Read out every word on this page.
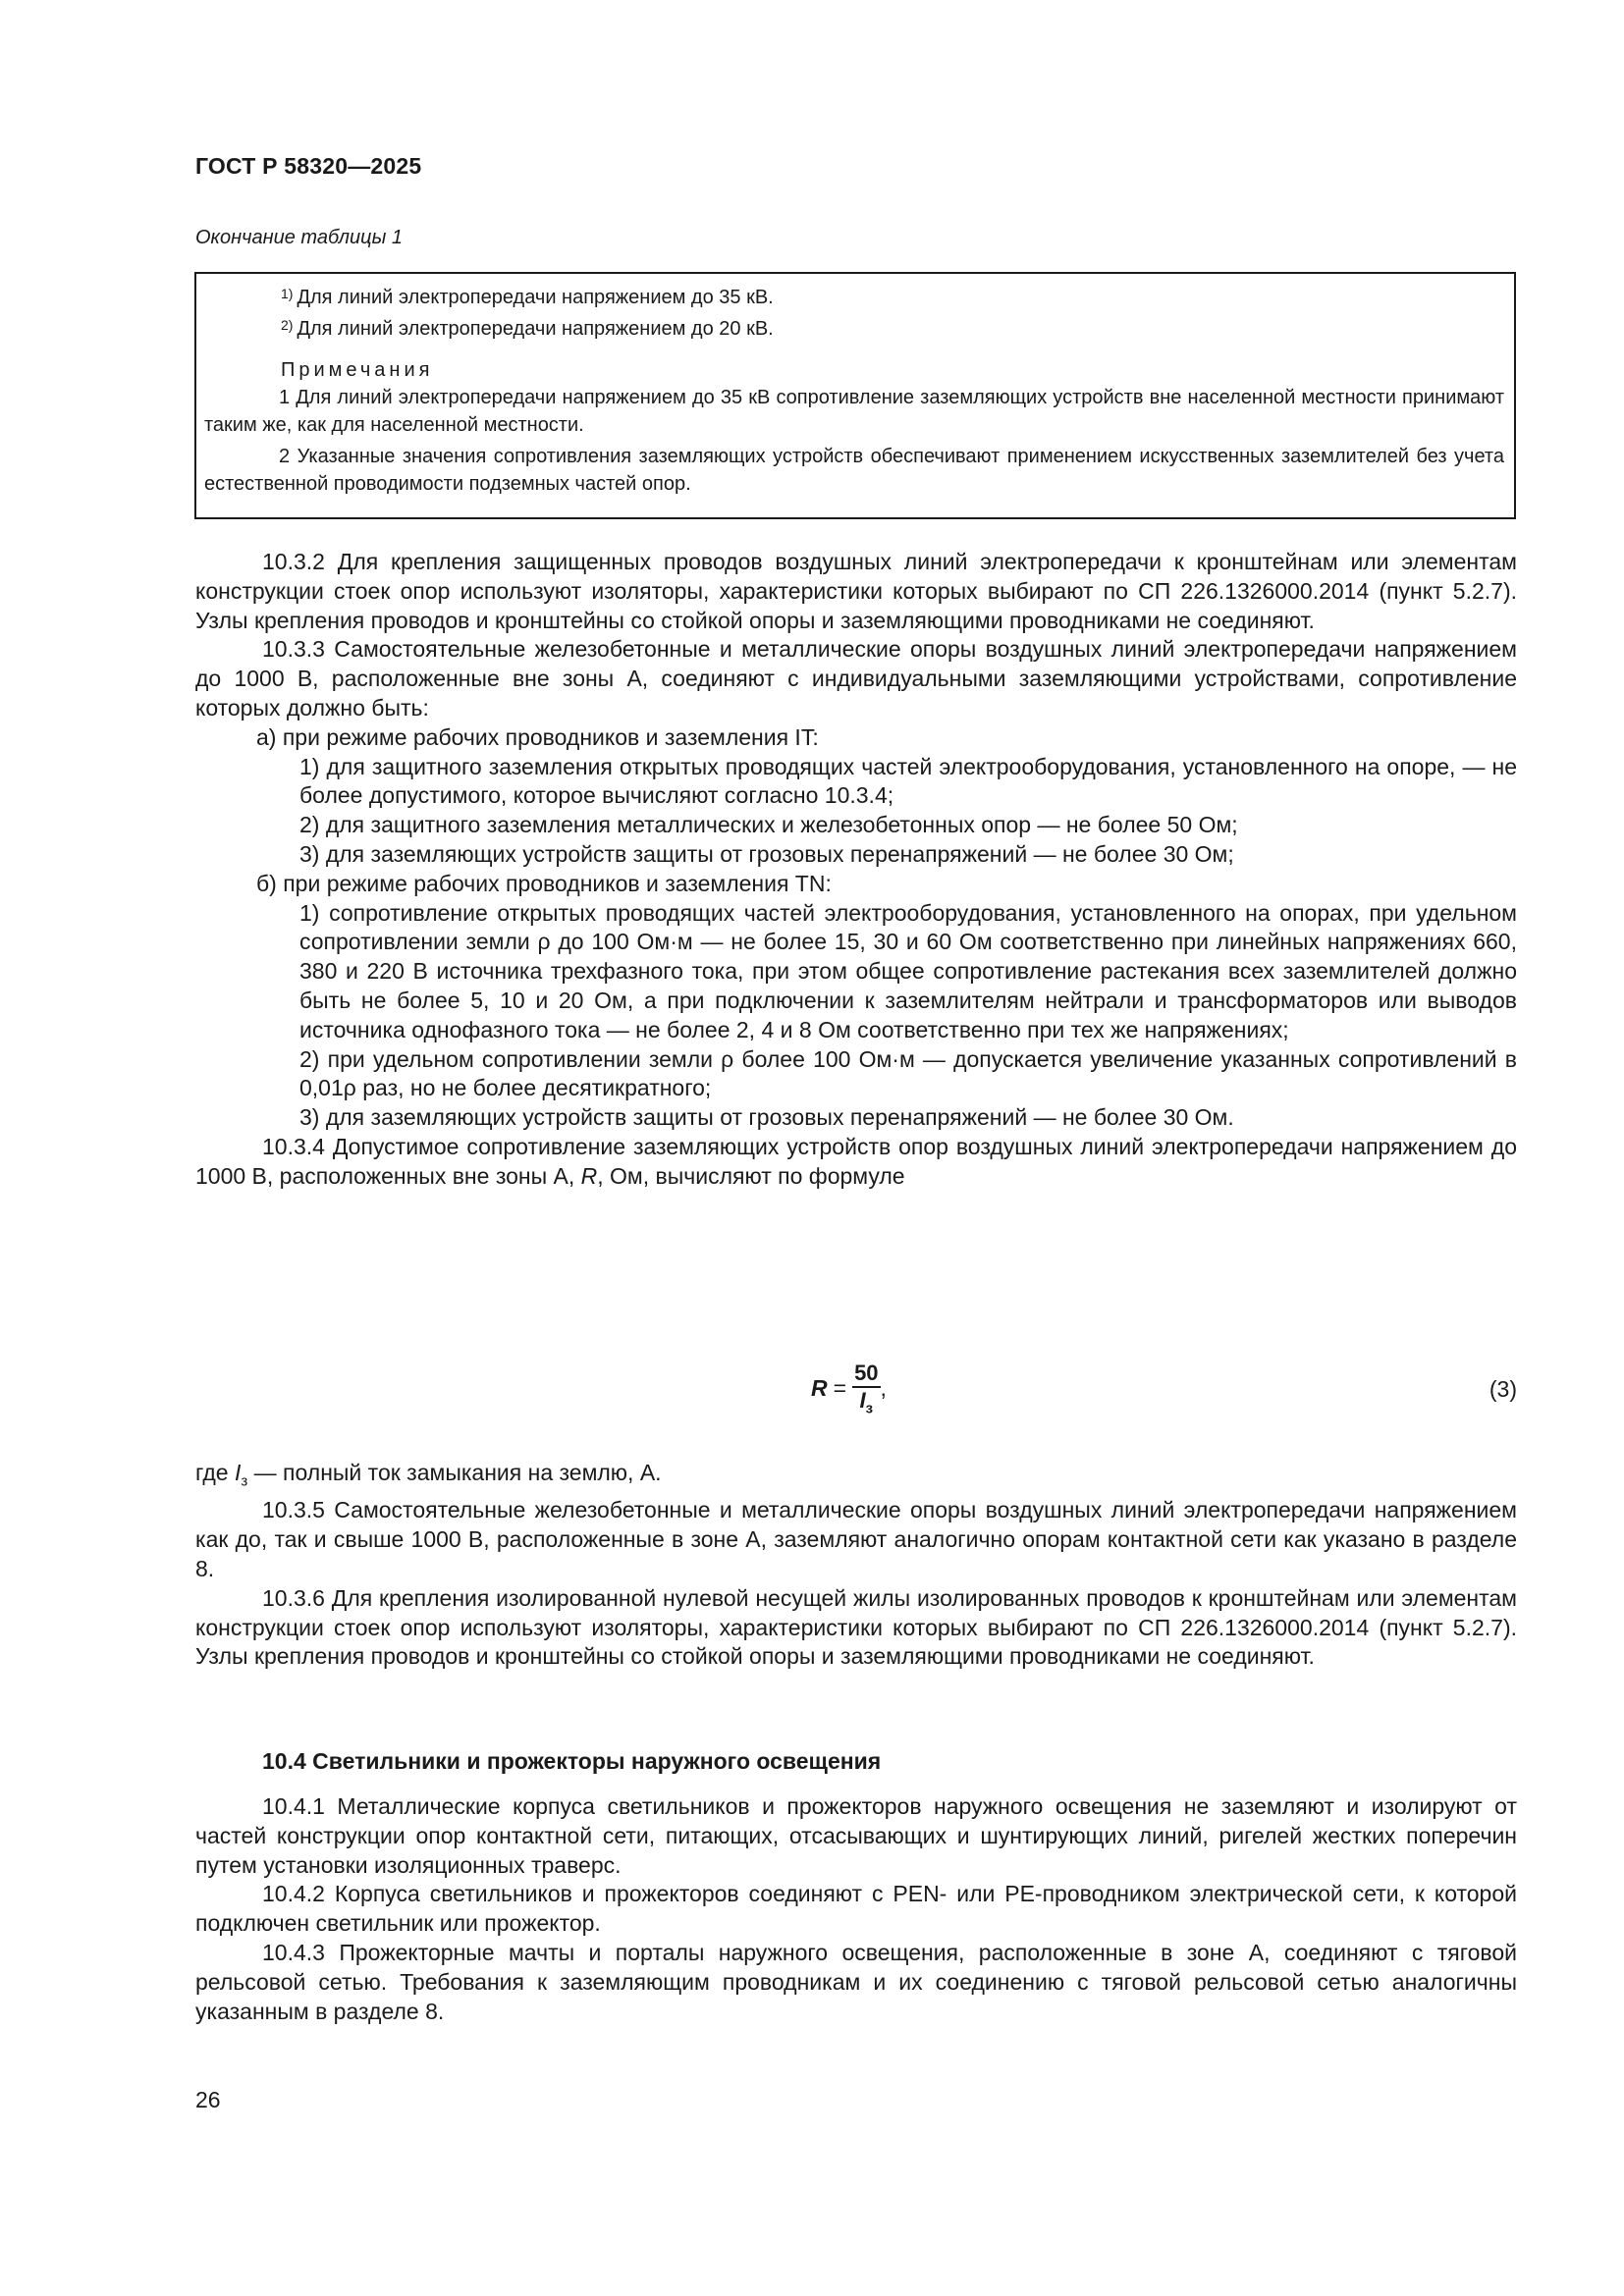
ГОСТ Р 58320—2025
Окончание таблицы 1
$^{1)}$ Для линий электропередачи напряжением до 35 кВ.
$^{2)}$ Для линий электропередачи напряжением до 20 кВ.
Примечания
1 Для линий электропередачи напряжением до 35 кВ сопротивление заземляющих устройств вне населенной местности принимают таким же, как для населенной местности.
2 Указанные значения сопротивления заземляющих устройств обеспечивают применением искусственных заземлителей без учета естественной проводимости подземных частей опор.

10.3.2 Для крепления защищенных проводов воздушных линий электропередачи к кронштейнам или элементам конструкции стоек опор используют изоляторы, характеристики которых выбирают по СП 226.1326000.2014 (пункт 5.2.7). Узлы крепления проводов и кронштейны со стойкой опоры и заземляющими проводниками не соединяют.

10.3.3 Самостоятельные железобетонные и металлические опоры воздушных линий электропередачи напряжением до 1000 В, расположенные вне зоны А, соединяют с индивидуальными заземляющими устройствами, сопротивление которых должно быть:

а) при режиме рабочих проводников и заземления IT:

1) для защитного заземления открытых проводящих частей электрооборудования, установленного на опоре, — не более допустимого, которое вычисляют согласно 10.3.4;

2) для защитного заземления металлических и железобетонных опор — не более 50 Ом;

3) для заземляющих устройств защиты от грозовых перенапряжений — не более 30 Ом;

б) при режиме рабочих проводников и заземления TN:

1) сопротивление открытых проводящих частей электрооборудования, установленного на опорах, при удельном сопротивлении земли ρ до 100 Ом·м — не более 15, 30 и 60 Ом соответственно при линейных напряжениях 660, 380 и 220 В источника трехфазного тока, при этом общее сопротивление растекания всех заземлителей должно быть не более 5, 10 и 20 Ом, а при подключении к заземлителям нейтрали и трансформаторов или выводов источника однофазного тока — не более 2, 4 и 8 Ом соответственно при тех же напряжениях;

2) при удельном сопротивлении земли ρ более 100 Ом·м — допускается увеличение указанных сопротивлений в 0,01ρ раз, но не более десятикратного;

3) для заземляющих устройств защиты от грозовых перенапряжений — не более 30 Ом.

10.3.4 Допустимое сопротивление заземляющих устройств опор воздушных линий электропередачи напряжением до 1000 В, расположенных вне зоны А, R, Ом, вычисляют по формуле

$R = \frac{50}{I_з}$ ,	(3)

где $I_з$ — полный ток замыкания на землю, А.

10.3.5 Самостоятельные железобетонные и металлические опоры воздушных линий электропередачи напряжением как до, так и свыше 1000 В, расположенные в зоне А, заземляют аналогично опорам контактной сети как указано в разделе 8.

10.3.6 Для крепления изолированной нулевой несущей жилы изолированных проводов к кронштейнам или элементам конструкции стоек опор используют изоляторы, характеристики которых выбирают по СП 226.1326000.2014 (пункт 5.2.7). Узлы крепления проводов и кронштейны со стойкой опоры и заземляющими проводниками не соединяют.

10.4 Светильники и прожекторы наружного освещения

10.4.1 Металлические корпуса светильников и прожекторов наружного освещения не заземляют и изолируют от частей конструкции опор контактной сети, питающих, отсасывающих и шунтирующих линий, ригелей жестких поперечин путем установки изоляционных траверс.

10.4.2 Корпуса светильников и прожекторов соединяют с PEN- или PE-проводником электрической сети, к которой подключен светильник или прожектор.

10.4.3 Прожекторные мачты и порталы наружного освещения, расположенные в зоне А, соединяют с тяговой рельсовой сетью. Требования к заземляющим проводникам и их соединению с тяговой рельсовой сетью аналогичны указанным в разделе 8.

26
